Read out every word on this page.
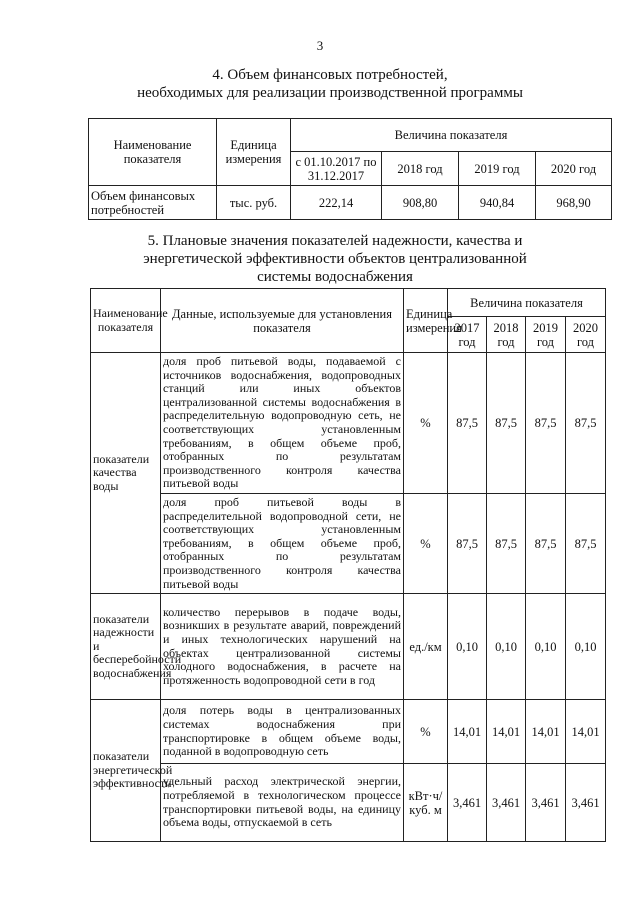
3
4. Объем финансовых потребностей,
необходимых для реализации производственной программы
Наименование показателя	Единица измерения	Величина показателя			
		с 01.10.2017 по 31.12.2017	2018 год	2019 год	2020 год
Объем финансовых потребностей	тыс. руб.	222,14	908,80	940,84	968,90
5. Плановые значения показателей надежности, качества и
энергетической эффективности объектов централизованной
системы водоснабжения
Наименование показателя	Данные, используемые для установления показателя	Единица измерения	Величина показателя			
			2017 год	2018 год	2019 год	2020 год
показатели качества воды	доля проб питьевой воды, подаваемой с источников водоснабжения, водопроводных станций или иных объектов централизованной системы водоснабжения в распределительную водопроводную сеть, не соответствующих установленным требованиям, в общем объеме проб, отобранных по результатам производственного контроля качества питьевой воды	%	87,5	87,5	87,5	87,5
	доля проб питьевой воды в распределительной водопроводной сети, не соответствующих установленным требованиям, в общем объеме проб, отобранных по результатам производственного контроля качества питьевой воды	%	87,5	87,5	87,5	87,5
показатели надежности и бесперебойности водоснабжения	количество перерывов в подаче воды, возникших в результате аварий, повреждений и иных технологических нарушений на объектах централизованной системы холодного водоснабжения, в расчете на протяженность водопроводной сети в год	ед./км	0,10	0,10	0,10	0,10
показатели энергетической эффективности	доля потерь воды в централизованных системах водоснабжения при транспортировке в общем объеме воды, поданной в водопроводную сеть	%	14,01	14,01	14,01	14,01
	удельный расход электрической энергии, потребляемой в технологическом процессе транспортировки питьевой воды, на единицу объема воды, отпускаемой в сеть	кВт·ч/ куб. м	3,461	3,461	3,461	3,461
